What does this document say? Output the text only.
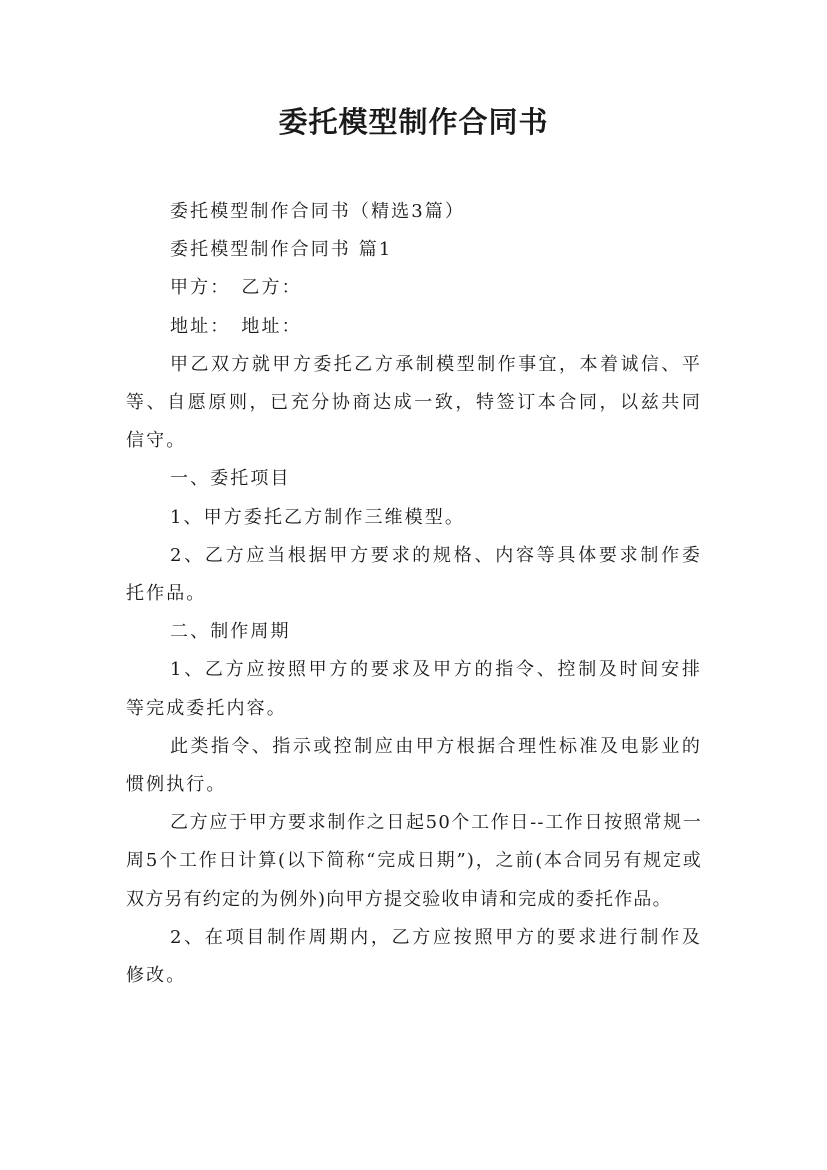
委托模型制作合同书

委托模型制作合同书（精选3篇）

委托模型制作合同书 篇1

甲方：　乙方：

地址：　地址：

甲乙双方就甲方委托乙方承制模型制作事宜，本着诚信、平等、自愿原则，已充分协商达成一致，特签订本合同，以兹共同信守。

一、委托项目

1、甲方委托乙方制作三维模型。

2、乙方应当根据甲方要求的规格、内容等具体要求制作委托作品。

二、制作周期

1、乙方应按照甲方的要求及甲方的指令、控制及时间安排等完成委托内容。

此类指令、指示或控制应由甲方根据合理性标准及电影业的惯例执行。

乙方应于甲方要求制作之日起50个工作日--工作日按照常规一周5个工作日计算(以下简称“完成日期”)，之前(本合同另有规定或双方另有约定的为例外)向甲方提交验收申请和完成的委托作品。

2、在项目制作周期内，乙方应按照甲方的要求进行制作及修改。
